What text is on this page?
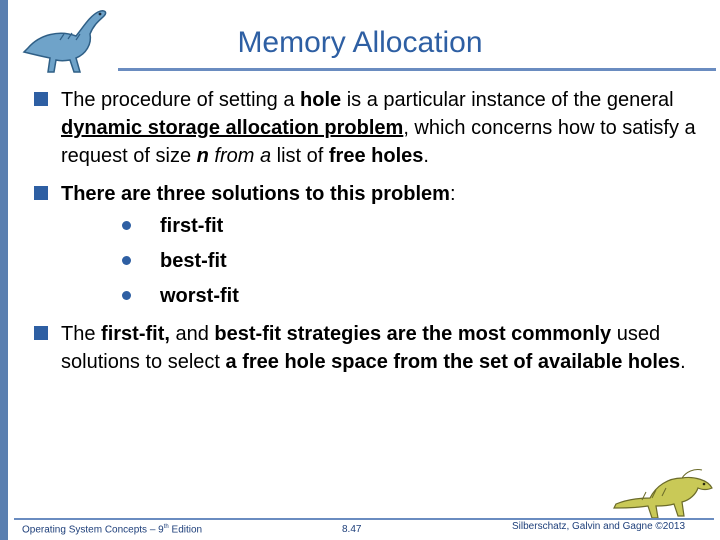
Memory Allocation
The procedure of setting a hole is a particular instance of the general dynamic storage allocation problem, which concerns how to satisfy a request of size n from a list of free holes.
There are three solutions to this problem:
first-fit
best-fit
worst-fit
The first-fit, and best-fit strategies are the most commonly used solutions to select a free hole space from the set of available holes.
Operating System Concepts – 9th Edition	8.47	Silberschatz, Galvin and Gagne ©2013
